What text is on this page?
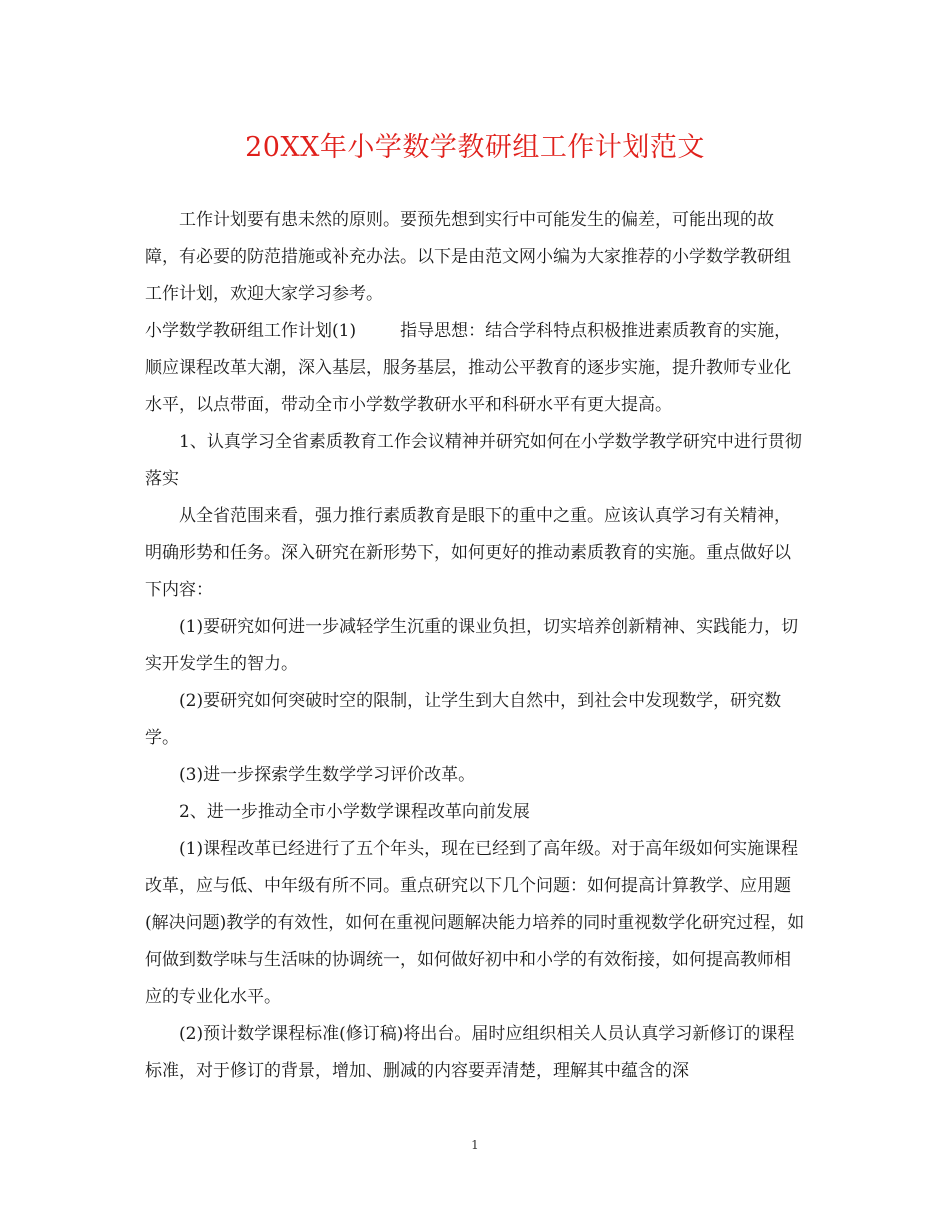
20XX年小学数学教研组工作计划范文

工作计划要有患未然的原则。要预先想到实行中可能发生的偏差，可能出现的故障，有必要的防范措施或补充办法。以下是由范文网小编为大家推荐的小学数学教研组工作计划，欢迎大家学习参考。

小学数学教研组工作计划(1)	指导思想：结合学科特点积极推进素质教育的实施，顺应课程改革大潮，深入基层，服务基层，推动公平教育的逐步实施，提升教师专业化水平，以点带面，带动全市小学数学教研水平和科研水平有更大提高。

1、认真学习全省素质教育工作会议精神并研究如何在小学数学教学研究中进行贯彻落实

从全省范围来看，强力推行素质教育是眼下的重中之重。应该认真学习有关精神，明确形势和任务。深入研究在新形势下，如何更好的推动素质教育的实施。重点做好以下内容：

(1)要研究如何进一步减轻学生沉重的课业负担，切实培养创新精神、实践能力，切实开发学生的智力。

(2)要研究如何突破时空的限制，让学生到大自然中，到社会中发现数学，研究数学。

(3)进一步探索学生数学学习评价改革。

2、进一步推动全市小学数学课程改革向前发展

(1)课程改革已经进行了五个年头，现在已经到了高年级。对于高年级如何实施课程改革，应与低、中年级有所不同。重点研究以下几个问题：如何提高计算教学、应用题(解决问题)教学的有效性，如何在重视问题解决能力培养的同时重视数学化研究过程，如何做到数学味与生活味的协调统一，如何做好初中和小学的有效衔接，如何提高教师相应的专业化水平。

(2)预计数学课程标准(修订稿)将出台。届时应组织相关人员认真学习新修订的课程标准，对于修订的背景，增加、删减的内容要弄清楚，理解其中蕴含的深

1
